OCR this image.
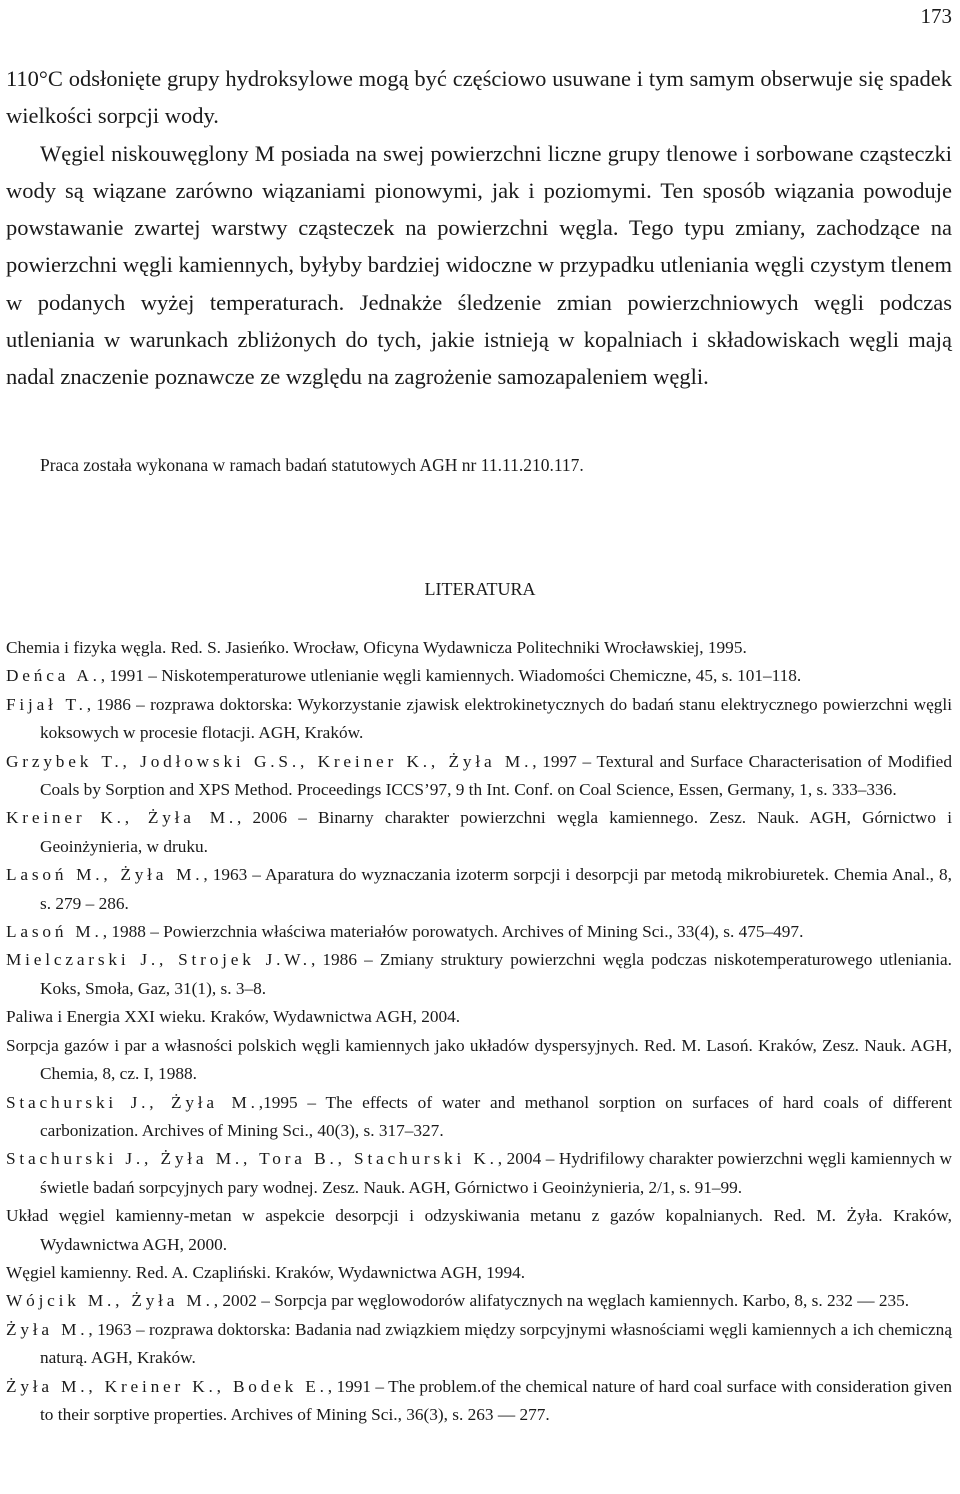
173

110°C odsłonięte grupy hydroksylowe mogą być częściowo usuwane i tym samym obserwuje się spadek wielkości sorpcji wody.

Węgiel niskouwęglony M posiada na swej powierzchni liczne grupy tlenowe i sorbowane cząsteczki wody są wiązane zarówno wiązaniami pionowymi, jak i poziomymi. Ten sposób wiązania powoduje powstawanie zwartej warstwy cząsteczek na powierzchni węgla. Tego typu zmiany, zachodzące na powierzchni węgli kamiennych, byłyby bardziej widoczne w przypadku utleniania węgli czystym tlenem w podanych wyżej temperaturach. Jednakże śledzenie zmian powierzchniowych węgli podczas utleniania w warunkach zbliżonych do tych, jakie istnieją w kopalniach i składowiskach węgli mają nadal znaczenie poznawcze ze względu na zagrożenie samozapaleniem węgli.

Praca została wykonana w ramach badań statutowych AGH nr 11.11.210.117.
LITERATURA

Chemia i fizyka węgla. Red. S. Jasieńko. Wrocław, Oficyna Wydawnicza Politechniki Wrocławskiej, 1995.

Deńca A., 1991 – Niskotemperaturowe utlenianie węgli kamiennych. Wiadomości Chemiczne, 45, s. 101–118.

Fijał T., 1986 – rozprawa doktorska: Wykorzystanie zjawisk elektrokinetycznych do badań stanu elektrycznego powierzchni węgli koksowych w procesie flotacji. AGH, Kraków.

Grzybek T., Jodłowski G.S., Kreiner K., Żyła M., 1997 – Textural and Surface Characterisation of Modified Coals by Sorption and XPS Method. Proceedings ICCS’97, 9 th Int. Conf. on Coal Science, Essen, Germany, 1, s. 333–336.

Kreiner K., Żyła M., 2006 – Binarny charakter powierzchni węgla kamiennego. Zesz. Nauk. AGH, Górnictwo i Geoinżynieria, w druku.

Lasoń M., Żyła M., 1963 – Aparatura do wyznaczania izoterm sorpcji i desorpcji par metodą mikrobiuretek. Chemia Anal., 8, s. 279 – 286.

Lasoń M., 1988 – Powierzchnia właściwa materiałów porowatych. Archives of Mining Sci., 33(4), s. 475–497.

Mielczarski J., Strojek J.W., 1986 – Zmiany struktury powierzchni węgla podczas niskotemperaturowego utleniania. Koks, Smoła, Gaz, 31(1), s. 3–8.

Paliwa i Energia XXI wieku. Kraków, Wydawnictwa AGH, 2004.

Sorpcja gazów i par a własności polskich węgli kamiennych jako układów dyspersyjnych. Red. M. Lasoń. Kraków, Zesz. Nauk. AGH, Chemia, 8, cz. I, 1988.

Stachurski J., Żyła M.,1995 – The effects of water and methanol sorption on surfaces of hard coals of different carbonization. Archives of Mining Sci., 40(3), s. 317–327.

Stachurski J., Żyła M., Tora B., Stachurski K., 2004 – Hydrifilowy charakter powierzchni węgli kamiennych w świetle badań sorpcyjnych pary wodnej. Zesz. Nauk. AGH, Górnictwo i Geoinżynieria, 2/1, s. 91–99.

Układ węgiel kamienny-metan w aspekcie desorpcji i odzyskiwania metanu z gazów kopalnianych. Red. M. Żyła. Kraków, Wydawnictwa AGH, 2000.

Węgiel kamienny. Red. A. Czapliński. Kraków, Wydawnictwa AGH, 1994.

Wójcik M., Żyła M., 2002 – Sorpcja par węglowodorów alifatycznych na węglach kamiennych. Karbo, 8, s. 232 — 235.

Żyła M., 1963 – rozprawa doktorska: Badania nad związkiem między sorpcyjnymi własnościami węgli kamiennych a ich chemiczną naturą. AGH, Kraków.

Żyła M., Kreiner K., Bodek E., 1991 – The problem.of the chemical nature of hard coal surface with consideration given to their sorptive properties. Archives of Mining Sci., 36(3), s. 263 — 277.
